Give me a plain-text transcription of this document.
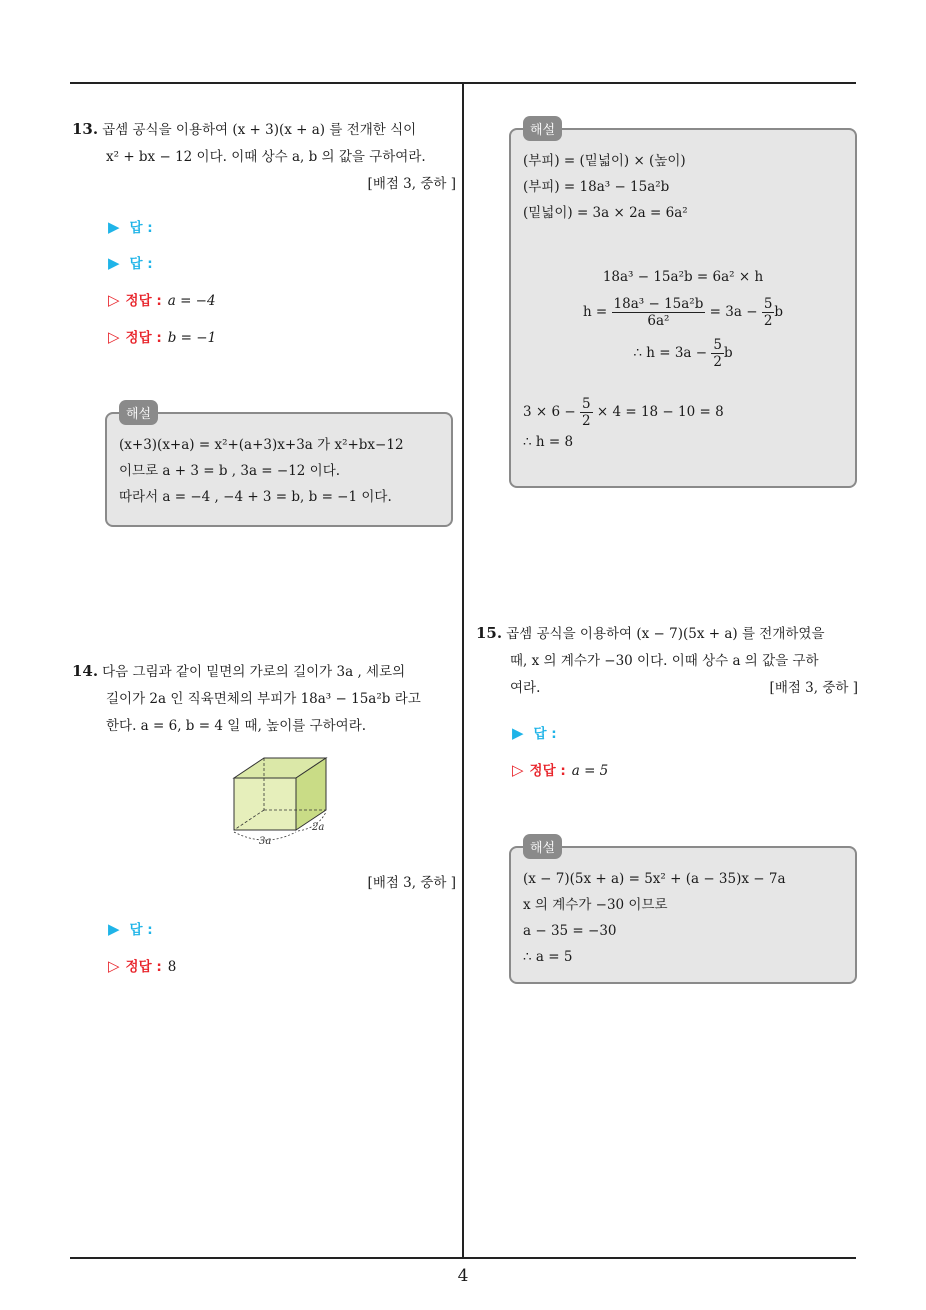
13. 곱셈 공식을 이용하여 (x + 3)(x + a) 를 전개한 식이
x² + bx − 12 이다. 이때 상수 a, b 의 값을 구하여라.
[배점 3, 중하 ]
▶ 답 :
▶ 답 :
▷ 정답 : a = −4
▷ 정답 : b = −1
해설
(x+3)(x+a) = x²+(a+3)x+3a 가 x²+bx−12
이므로 a + 3 = b , 3a = −12 이다.
따라서 a = −4 , −4 + 3 = b, b = −1 이다.
14. 다음 그림과 같이 밑면의 가로의 길이가 3a , 세로의
길이가 2a 인 직육면체의 부피가 18a³ − 15a²b 라고
한다. a = 6, b = 4 일 때, 높이를 구하여라.
3a
2a
[배점 3, 중하 ]
▶ 답 :
▷ 정답 : 8
해설
(부피) = (밑넓이) × (높이)
(부피) = 18a³ − 15a²b
(밑넓이) = 3a × 2a = 6a²
18a³ − 15a²b = 6a² × h
$h = \frac{\text{18a³ − 15a²b}}{\text{6a²}} = 3a - \frac{5}{2}$ b
∴ $h = 3a - \frac{5}{2}$ b
$3 \times 6 - \frac{5}{2} \times 4 = 18 - 10 = 8$
∴ h = 8
15. 곱셈 공식을 이용하여 (x − 7)(5x + a) 를 전개하였을
때, x 의 계수가 −30 이다. 이때 상수 a 의 값을 구하
여라.	[배점 3, 중하 ]
▶ 답 :
▷ 정답 : a = 5
해설
(x − 7)(5x + a) = 5x² + (a − 35)x − 7a
x 의 계수가 −30 이므로
a − 35 = −30
∴ a = 5
4
